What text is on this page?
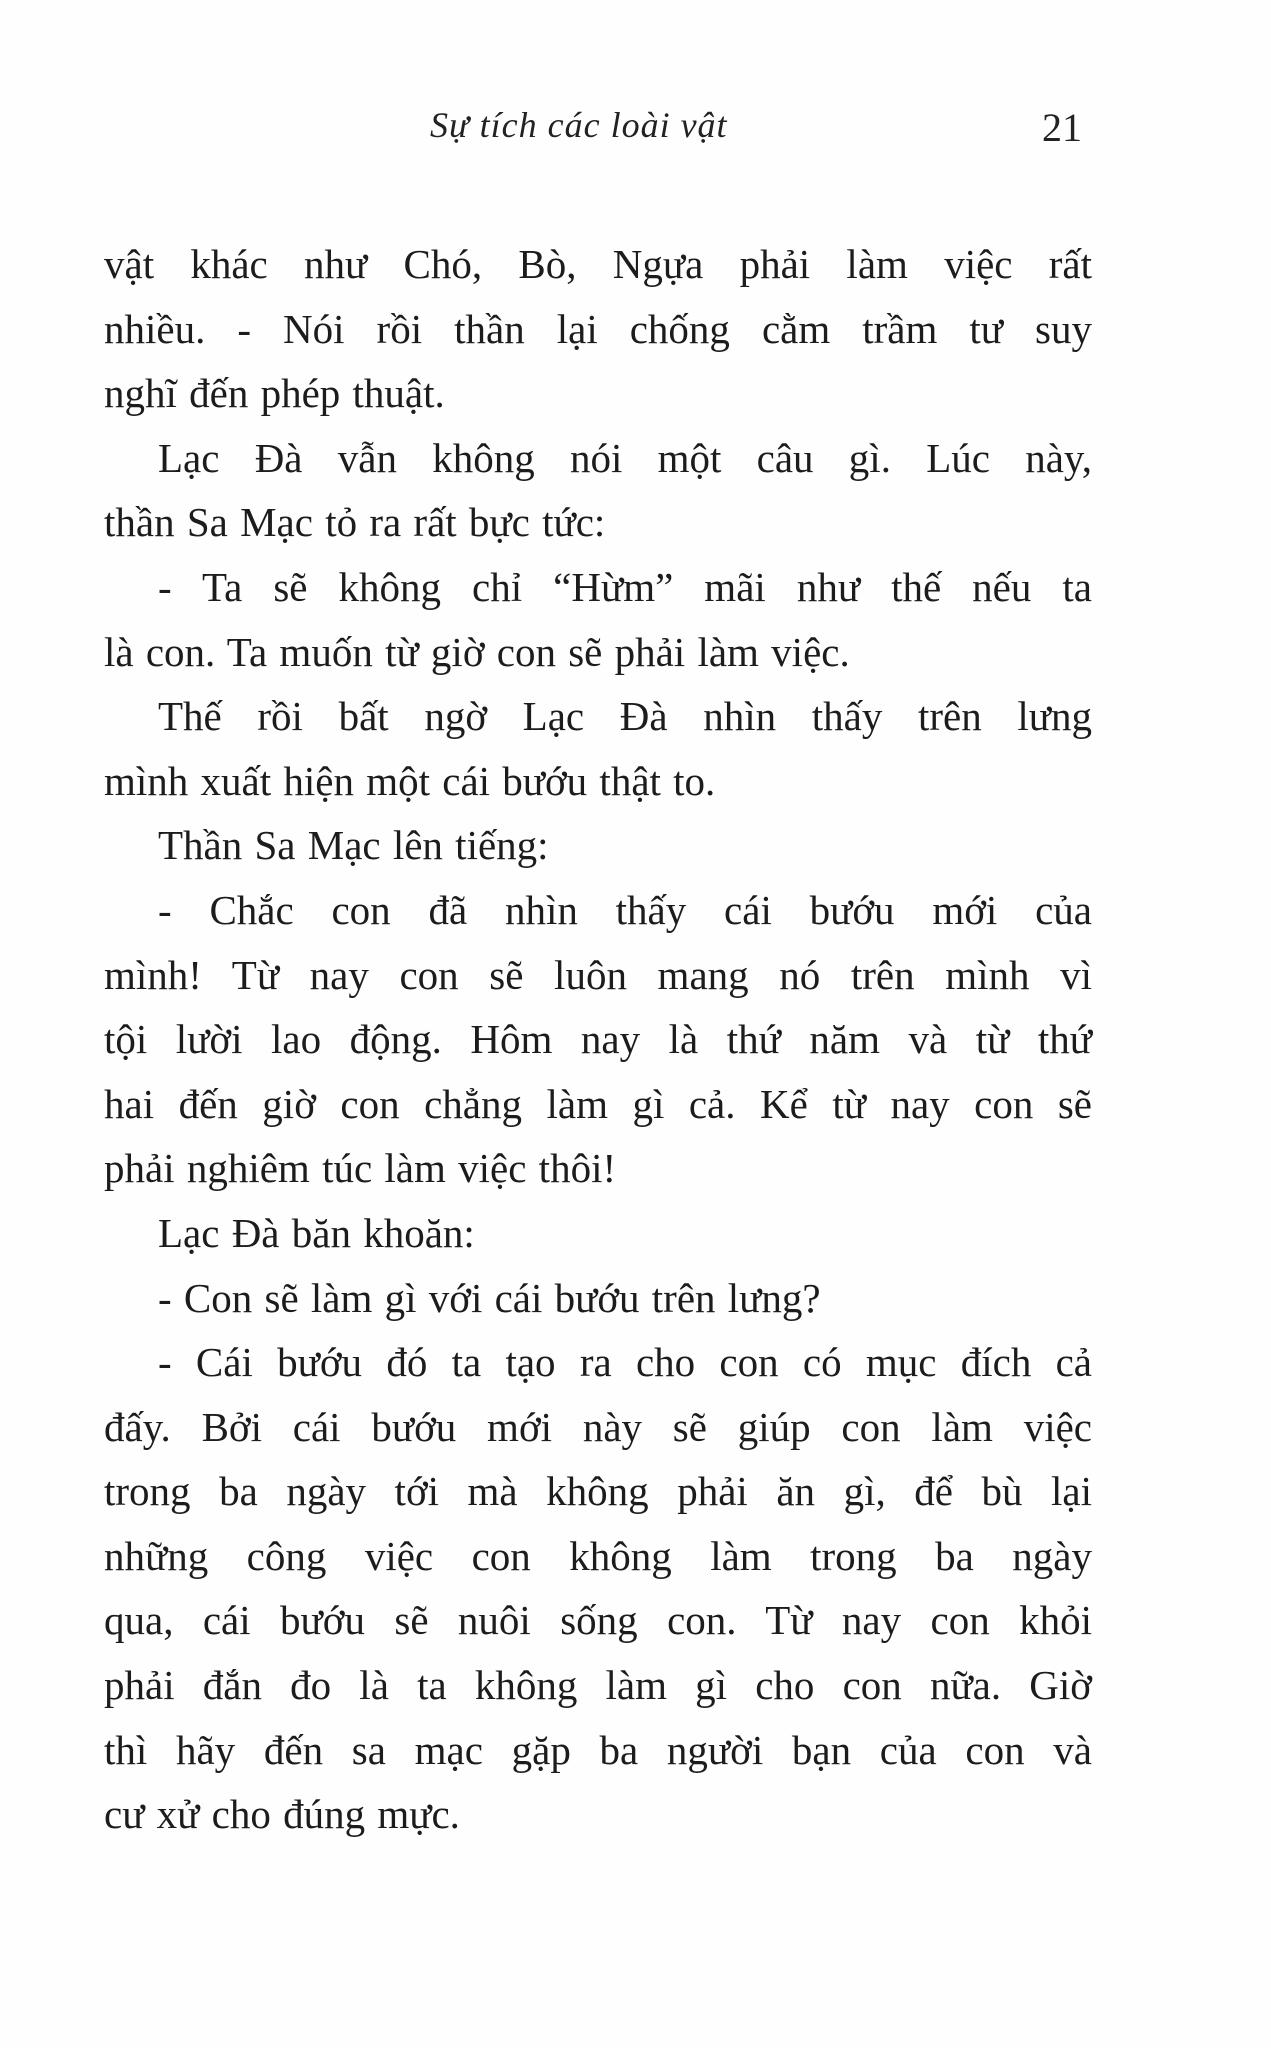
Sự tích các loài vật	21
vật khác như Chó, Bò, Ngựa phải làm việc rất
nhiều. - Nói rồi thần lại chống cằm trầm tư suy
nghĩ đến phép thuật.
Lạc Đà vẫn không nói một câu gì. Lúc này,
thần Sa Mạc tỏ ra rất bực tức:
- Ta sẽ không chỉ “Hừm” mãi như thế nếu ta
là con. Ta muốn từ giờ con sẽ phải làm việc.
Thế rồi bất ngờ Lạc Đà nhìn thấy trên lưng
mình xuất hiện một cái bướu thật to.
Thần Sa Mạc lên tiếng:
- Chắc con đã nhìn thấy cái bướu mới của
mình! Từ nay con sẽ luôn mang nó trên mình vì
tội lười lao động. Hôm nay là thứ năm và từ thứ
hai đến giờ con chẳng làm gì cả. Kể từ nay con sẽ
phải nghiêm túc làm việc thôi!
Lạc Đà băn khoăn:
- Con sẽ làm gì với cái bướu trên lưng?
- Cái bướu đó ta tạo ra cho con có mục đích cả
đấy. Bởi cái bướu mới này sẽ giúp con làm việc
trong ba ngày tới mà không phải ăn gì, để bù lại
những công việc con không làm trong ba ngày
qua, cái bướu sẽ nuôi sống con. Từ nay con khỏi
phải đắn đo là ta không làm gì cho con nữa. Giờ
thì hãy đến sa mạc gặp ba người bạn của con và
cư xử cho đúng mực.
